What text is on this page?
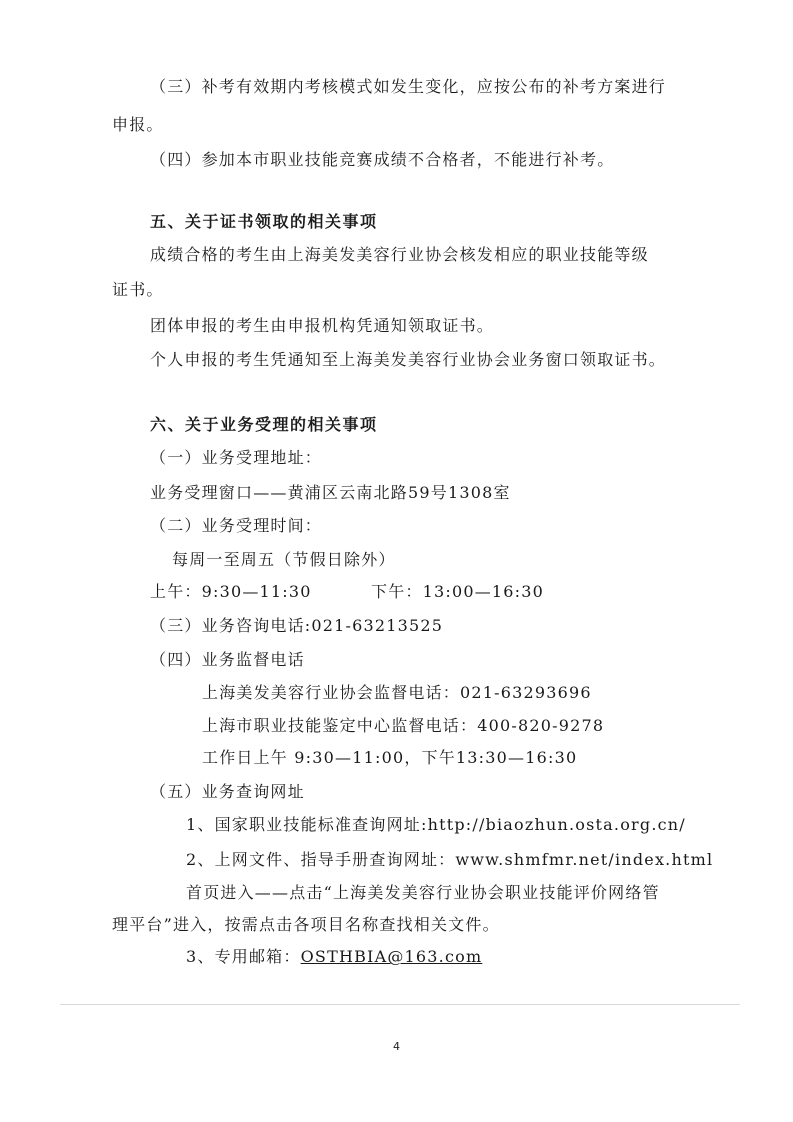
（三）补考有效期内考核模式如发生变化，应按公布的补考方案进行
申报。
（四）参加本市职业技能竞赛成绩不合格者，不能进行补考。
五、关于证书领取的相关事项
成绩合格的考生由上海美发美容行业协会核发相应的职业技能等级
证书。
团体申报的考生由申报机构凭通知领取证书。
个人申报的考生凭通知至上海美发美容行业协会业务窗口领取证书。
六、关于业务受理的相关事项
（一）业务受理地址：
业务受理窗口——黄浦区云南北路59号1308室
（二）业务受理时间：
每周一至周五（节假日除外）
上午：9:30—11:30	下午：13:00—16:30
（三）业务咨询电话:021-63213525
（四）业务监督电话
上海美发美容行业协会监督电话：021-63293696
上海市职业技能鉴定中心监督电话：400-820-9278
工作日上午 9:30—11:00，下午13:30—16:30
（五）业务查询网址
1、国家职业技能标准查询网址:http://biaozhun.osta.org.cn/
2、上网文件、指导手册查询网址：www.shmfmr.net/index.html
首页进入——点击“上海美发美容行业协会职业技能评价网络管
理平台”进入，按需点击各项目名称查找相关文件。
3、专用邮箱：OSTHBIA@163.com
4
